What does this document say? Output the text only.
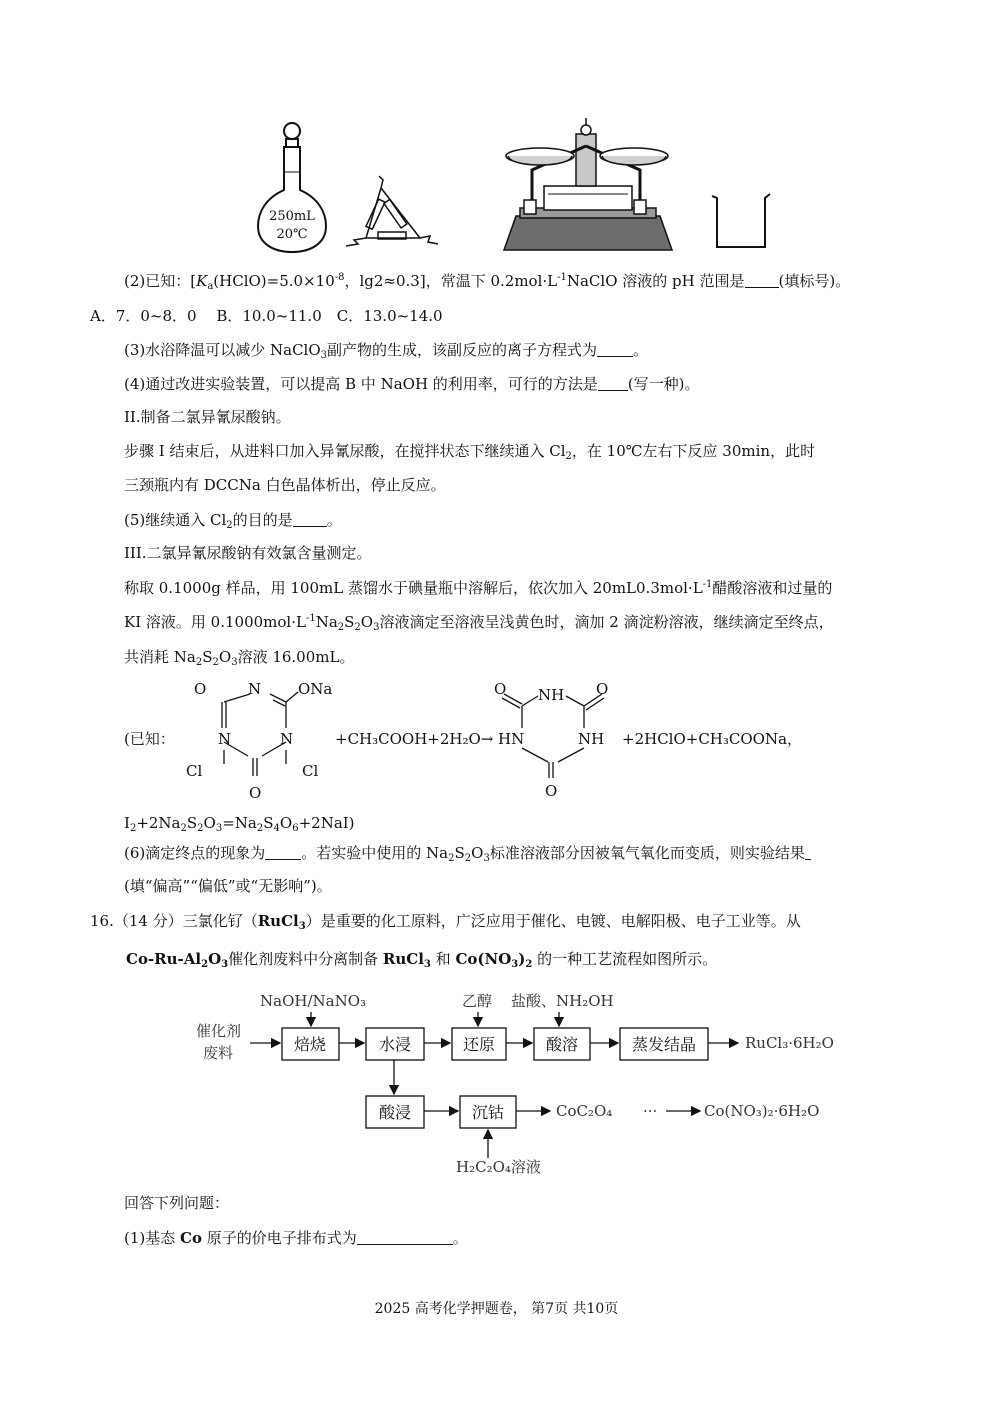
250mL
20℃
(2)已知：[$K_a(HClO)=5.0\times 10^{-8}$，lg2≈0.3]，常温下 $0.2mol\cdot L^{-1}NaClO$ 溶液的 pH 范围是 (填标号)。
A．7．0~8．0　 B．10.0~11.0　C．13.0~14.0
(3)水浴降温可以减少 NaClO$_3$副产物的生成，该副反应的离子方程式为 。
(4)通过改进实验装置，可以提高 B 中 NaOH 的利用率，可行的方法是 (写一种)。
II.制备二氯异氰尿酸钠。
步骤 I 结束后，从进料口加入异氰尿酸，在搅拌状态下继续通入 $Cl_2$，在 10℃左右下反应 30min，此时
三颈瓶内有 DCCNa 白色晶体析出，停止反应。
(5)继续通入 $Cl_2$的目的是 。
III.二氯异氰尿酸钠有效氯含量测定。
称取 0.1000g 样品，用 100mL 蒸馏水于碘量瓶中溶解后，依次加入 $20mL0.3mol\cdot L^{-1}$醋酸溶液和过量的
KI 溶液。用 $0.1000mol\cdot L^{-1}Na_2S_2O_3$溶液滴定至溶液呈浅黄色时，滴加 2 滴淀粉溶液，继续滴定至终点，
共消耗 $Na_2S_2O_3$溶液 16.00mL。
(已知：
O	N ONa
N	N
Cl	Cl
O
+CH₃COOH+2H₂O→
O NH O
HN	NH
O
+2HClO+CH₃COONa，
$I_2+2Na_2S_2O_3=Na_2S_4O_6+2NaI$)
(6)滴定终点的现象为 。若实验中使用的 $Na_2S_2O_3$标准溶液部分因被氧气氧化而变质，则实验结果
(填“偏高”“偏低”或“无影响”)。
16.（14 分）三氯化钌（RuCl$_3$）是重要的化工原料，广泛应用于催化、电镀、电解阳极、电子工业等。从
$Co-Ru-Al_2O_3$催化剂废料中分离制备 RuCl$_3$ 和 $Co(NO_3)_2$ 的一种工艺流程如图所示。
NaOH/NaNO₃	乙醇 盐酸、NH₂OH
催化剂
废料	焙烧	水浸	还原	酸溶	蒸发结晶
酸浸	沉钴
RuCl₃·6H₂O
CoC₂O₄ ···	Co(NO₃)₂·6H₂O
H₂C₂O₄溶液
回答下列问题：
(1)基态 Co 原子的价电子排布式为	。
2025 高考化学押题卷， 第7页 共10页
